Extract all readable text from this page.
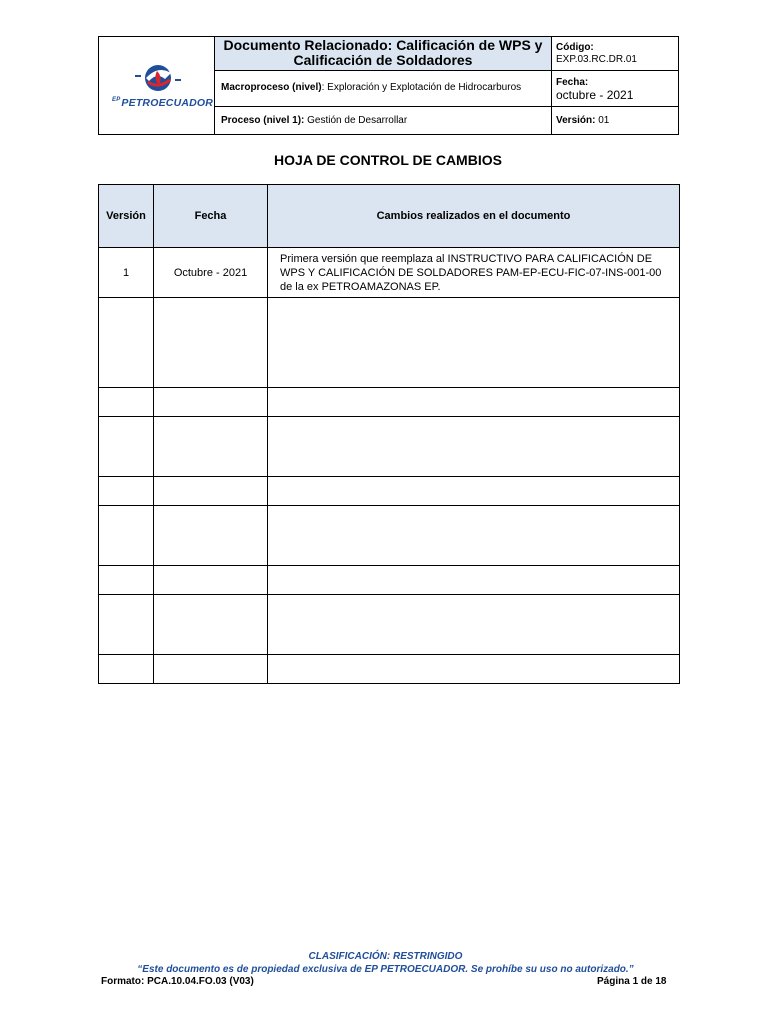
$^{EP}$PETROECUADOR
Documento Relacionado: Calificación de WPS y
Calificación de Soldadores
Macroproceso (nivel): Exploración y Explotación de Hidrocarburos
Proceso (nivel 1): Gestión de Desarrollar
Código:
EXP.03.RC.DR.01
Fecha:
octubre - 2021
Versión: 01
HOJA DE CONTROL DE CAMBIOS
Versión	Fecha	Cambios realizados en el documento
1	Octubre - 2021	Primera versión que reemplaza al INSTRUCTIVO PARA CALIFICACIÓN DE WPS Y CALIFICACIÓN DE SOLDADORES PAM-EP-ECU-FIC-07-INS-001-00 de la ex PETROAMAZONAS EP.

CLASIFICACIÓN: RESTRINGIDO
“Este documento es de propiedad exclusiva de EP PETROECUADOR. Se prohíbe su uso no autorizado.”
Formato: PCA.10.04.FO.03 (V03)	Página 1 de 18
